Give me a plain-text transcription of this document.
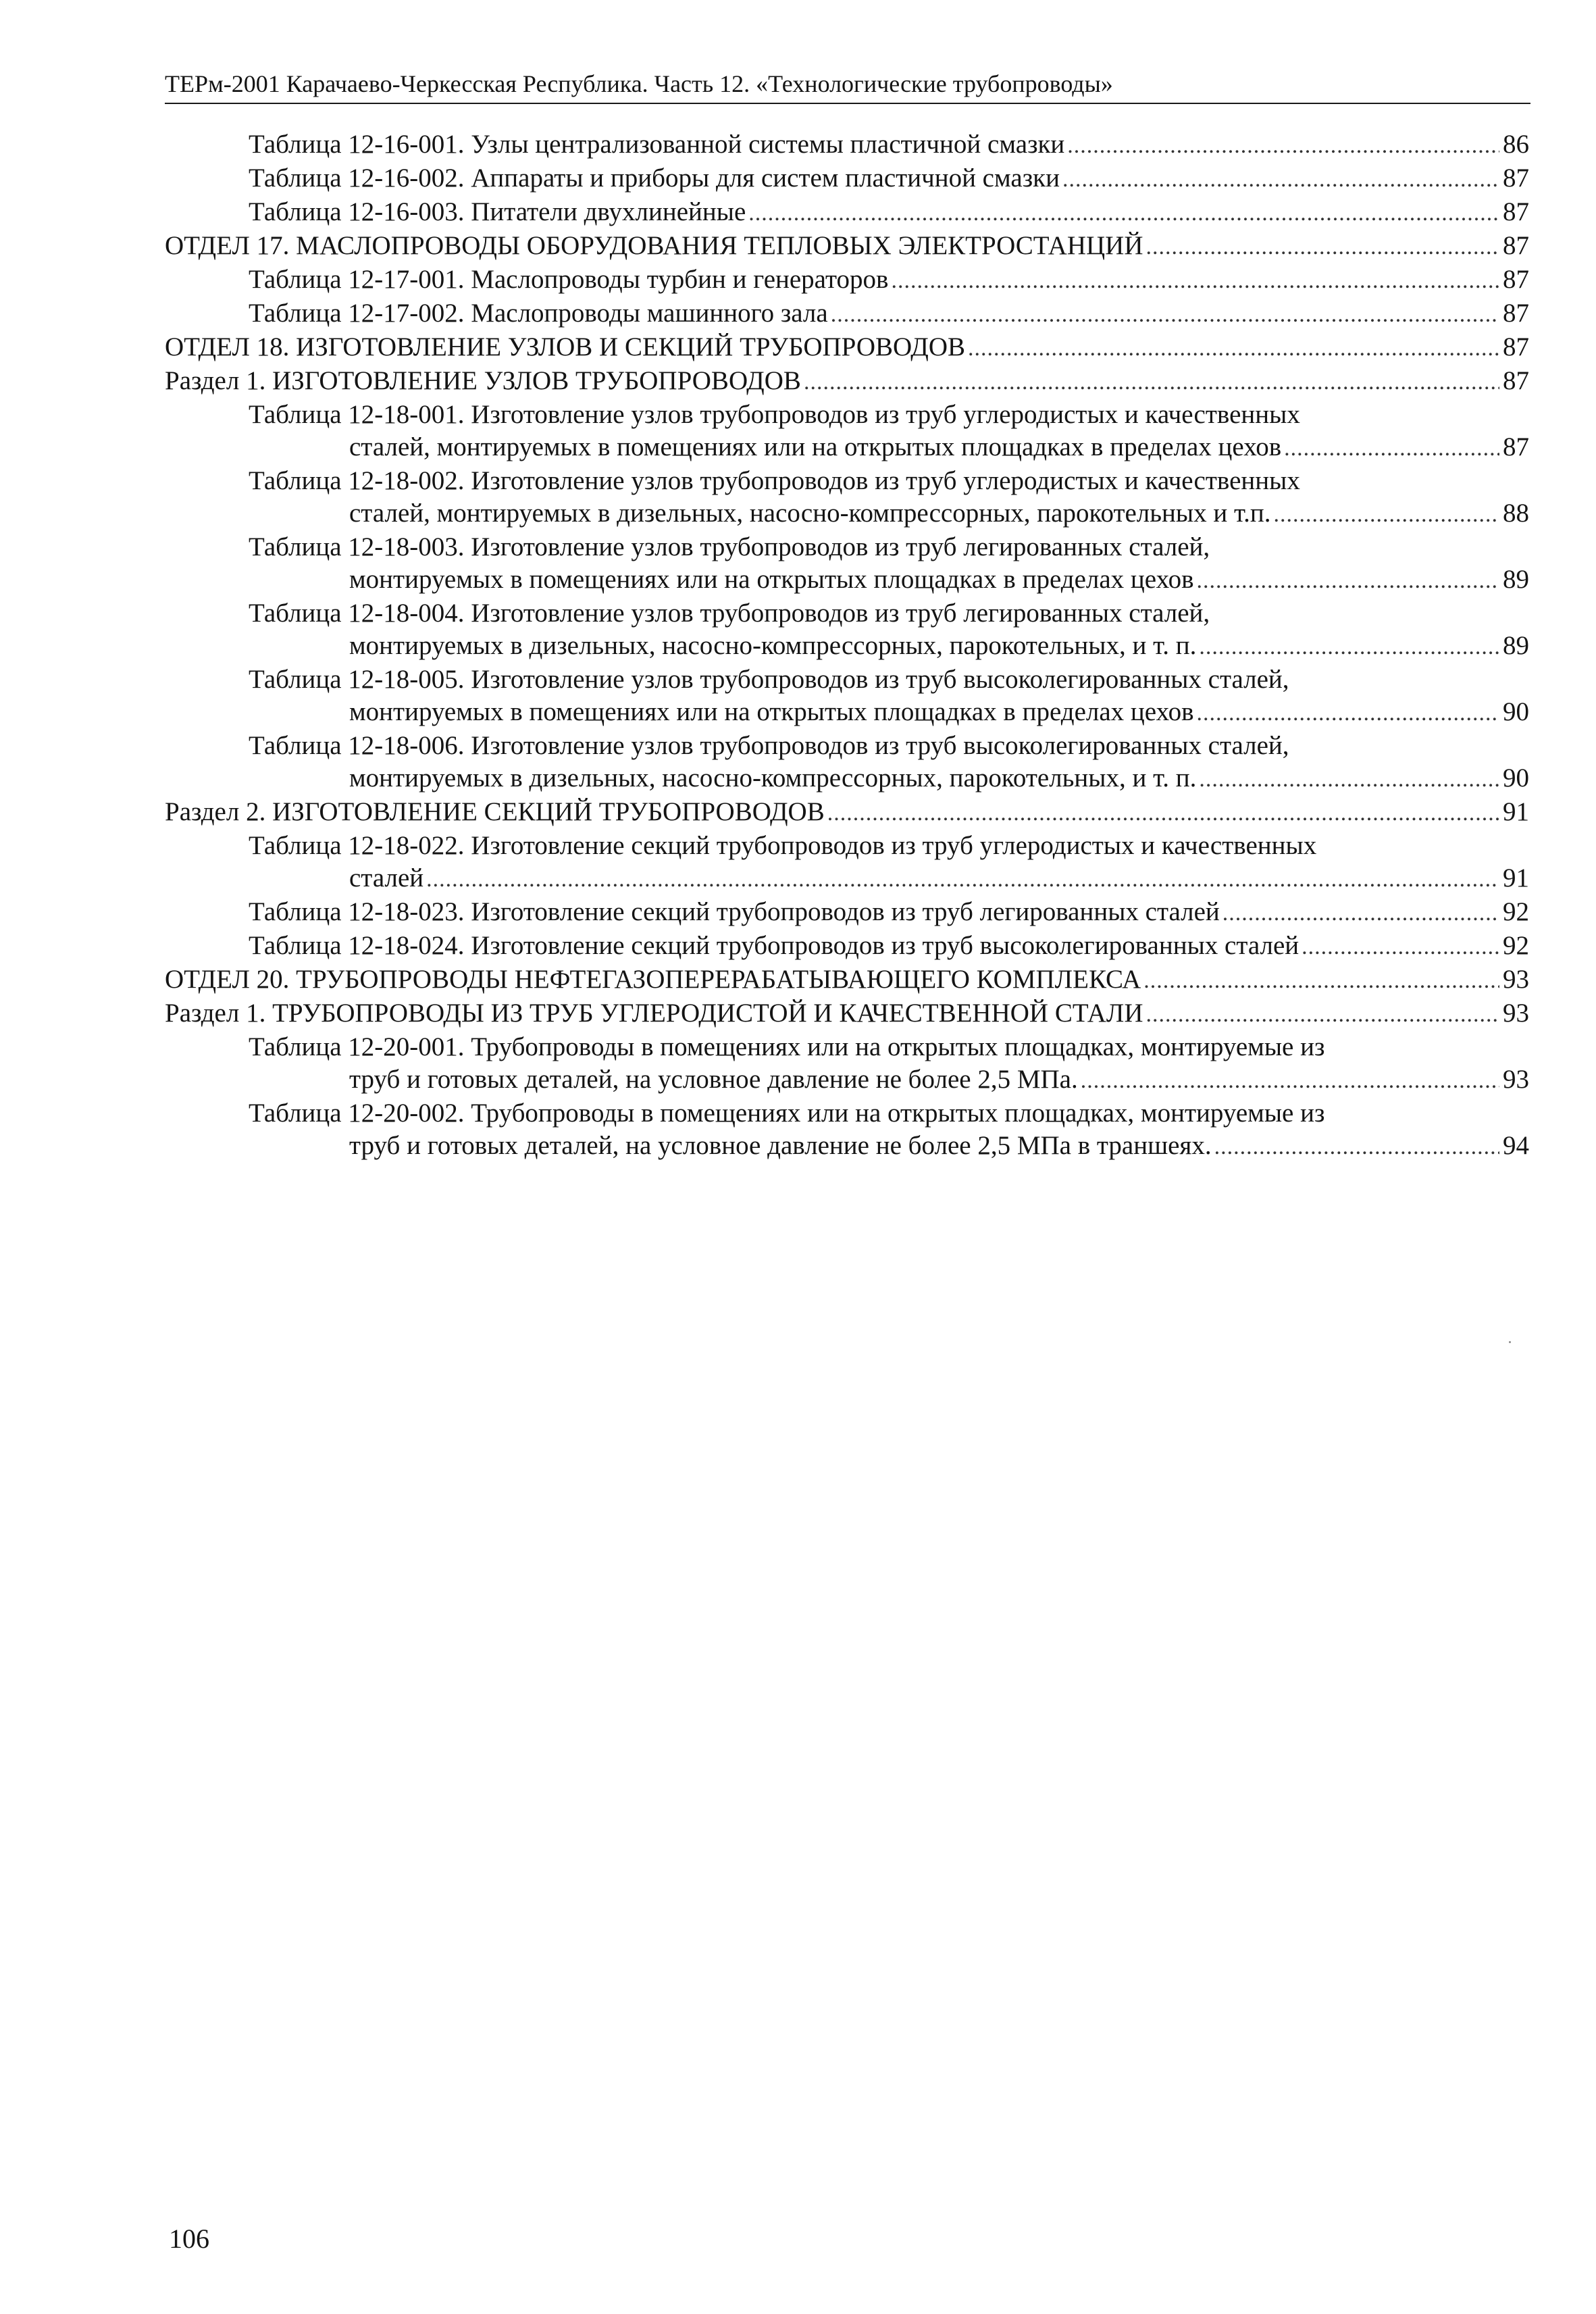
ТЕРм-2001 Карачаево-Черкесская Республика. Часть 12. «Технологические трубопроводы»
Таблица 12-16-001. Узлы централизованной системы пластичной смазки .....	86
Таблица 12-16-002. Аппараты и приборы для систем пластичной смазки .....	87
Таблица 12-16-003. Питатели двухлинейные .....	87
ОТДЕЛ 17. МАСЛОПРОВОДЫ ОБОРУДОВАНИЯ ТЕПЛОВЫХ ЭЛЕКТРОСТАНЦИЙ .....	87
Таблица 12-17-001. Маслопроводы турбин и генераторов .....	87
Таблица 12-17-002. Маслопроводы машинного зала .....	87
ОТДЕЛ 18. ИЗГОТОВЛЕНИЕ УЗЛОВ И СЕКЦИЙ ТРУБОПРОВОДОВ .....	87
Раздел 1. ИЗГОТОВЛЕНИЕ УЗЛОВ ТРУБОПРОВОДОВ .....	87
Таблица 12-18-001. Изготовление узлов трубопроводов из труб углеродистых и качественных
сталей, монтируемых в помещениях или на открытых площадках в пределах цехов .....	87
Таблица 12-18-002. Изготовление узлов трубопроводов из труб углеродистых и качественных
сталей, монтируемых в дизельных, насосно-компрессорных, парокотельных и т.п. .....	88
Таблица 12-18-003. Изготовление узлов трубопроводов из труб легированных сталей,
монтируемых в помещениях или на открытых площадках в пределах цехов .....	89
Таблица 12-18-004. Изготовление узлов трубопроводов из труб легированных сталей,
монтируемых в дизельных, насосно-компрессорных, парокотельных, и т. п. .....	89
Таблица 12-18-005. Изготовление узлов трубопроводов из труб высоколегированных сталей,
монтируемых в помещениях или на открытых площадках в пределах цехов .....	90
Таблица 12-18-006. Изготовление узлов трубопроводов из труб высоколегированных сталей,
монтируемых в дизельных, насосно-компрессорных, парокотельных, и т. п. .....	90
Раздел 2. ИЗГОТОВЛЕНИЕ СЕКЦИЙ ТРУБОПРОВОДОВ .....	91
Таблица 12-18-022. Изготовление секций трубопроводов из труб углеродистых и качественных
сталей .....	91
Таблица 12-18-023. Изготовление секций трубопроводов из труб легированных сталей .....	92
Таблица 12-18-024. Изготовление секций трубопроводов из труб высоколегированных сталей .....	92
ОТДЕЛ 20. ТРУБОПРОВОДЫ НЕФТЕГАЗОПЕРЕРАБАТЫВАЮЩЕГО КОМПЛЕКСА .....	93
Раздел 1. ТРУБОПРОВОДЫ ИЗ ТРУБ УГЛЕРОДИСТОЙ И КАЧЕСТВЕННОЙ СТАЛИ .....	93
Таблица 12-20-001. Трубопроводы в помещениях или на открытых площадках, монтируемые из
труб и готовых деталей, на условное давление не более 2,5 МПа. .....	93
Таблица 12-20-002. Трубопроводы в помещениях или на открытых площадках, монтируемые из
труб и готовых деталей, на условное давление не более 2,5 МПа в траншеях. .....	94
106
